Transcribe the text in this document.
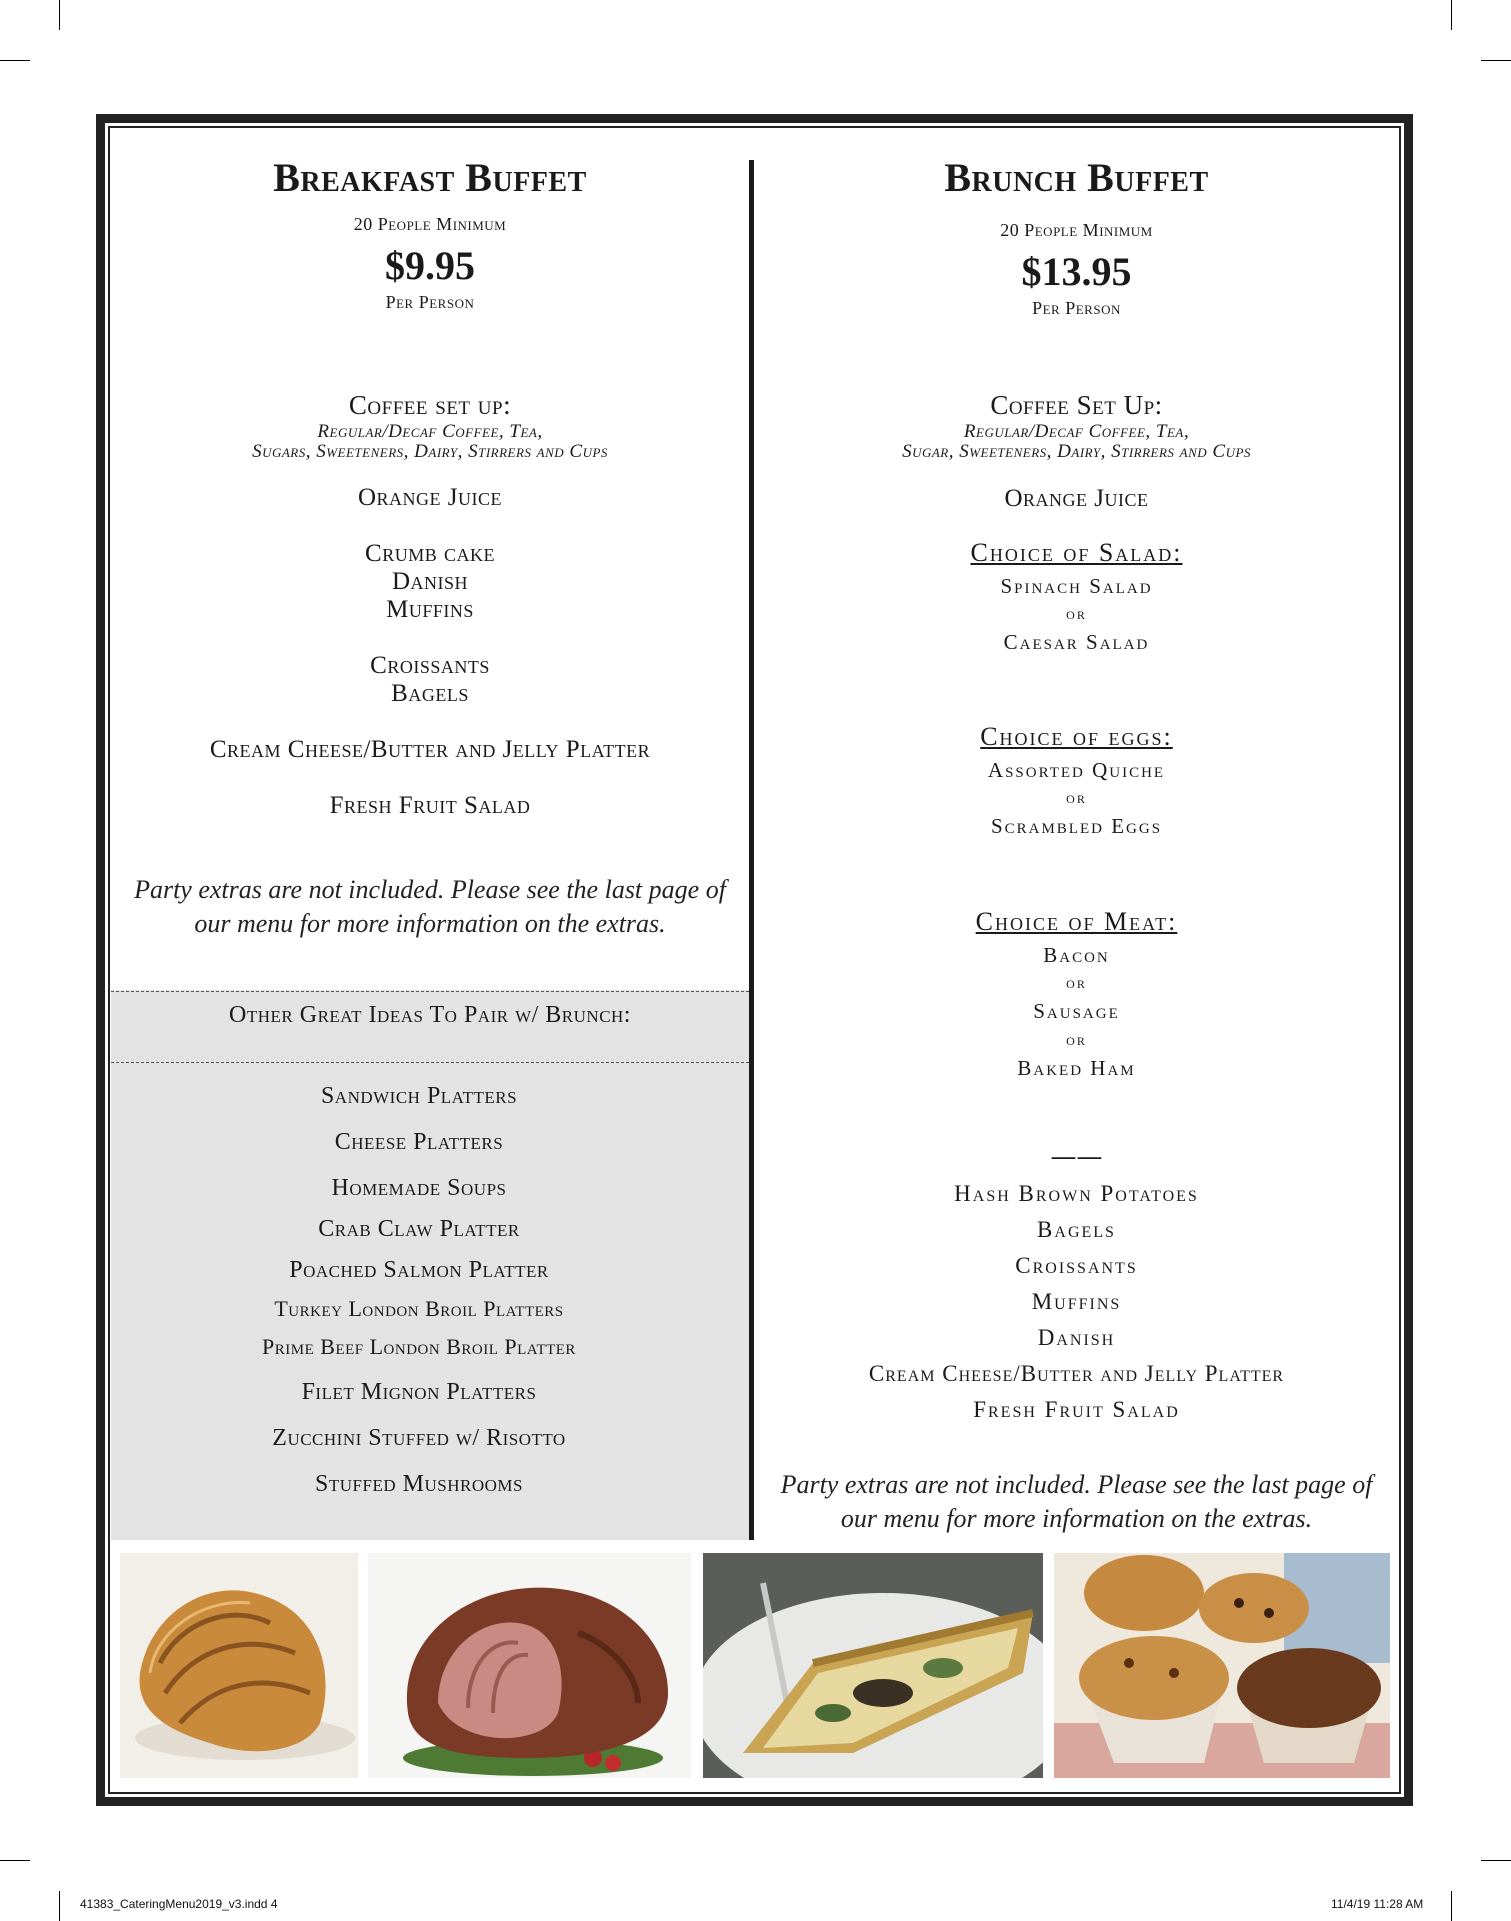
Breakfast Buffet
20 People Minimum
$9.95
Per Person
Coffee set up:
Regular/Decaf Coffee, Tea,
Sugars, Sweeteners, Dairy, Stirrers and Cups
Orange Juice
Crumb cake
Danish
Muffins
Croissants
Bagels
Cream Cheese/Butter and Jelly Platter
Fresh Fruit Salad
Party extras are not included. Please see the last page of
our menu for more information on the extras.
Other Great Ideas To Pair w/ Brunch:
Sandwich Platters
Cheese Platters
Homemade Soups
Crab Claw Platter
Poached Salmon Platter
Turkey London Broil Platters
Prime Beef London Broil Platter
Filet Mignon Platters
Zucchini Stuffed w/ Risotto
Stuffed Mushrooms
Brunch Buffet
20 People Minimum
$13.95
Per Person
Coffee Set Up:
Regular/Decaf Coffee, Tea,
Sugar, Sweeteners, Dairy, Stirrers and Cups
Orange Juice
Choice of Salad:
Spinach Salad
or
Caesar Salad
Choice of eggs:
Assorted Quiche
or
Scrambled Eggs
Choice of Meat:
Bacon
or
Sausage
or
Baked Ham
——
Hash Brown Potatoes
Bagels
Croissants
Muffins
Danish
Cream Cheese/Butter and Jelly Platter
Fresh Fruit Salad
Party extras are not included. Please see the last page of
our menu for more information on the extras.
41383_CateringMenu2019_v3.indd 4	11/4/19 11:28 AM
